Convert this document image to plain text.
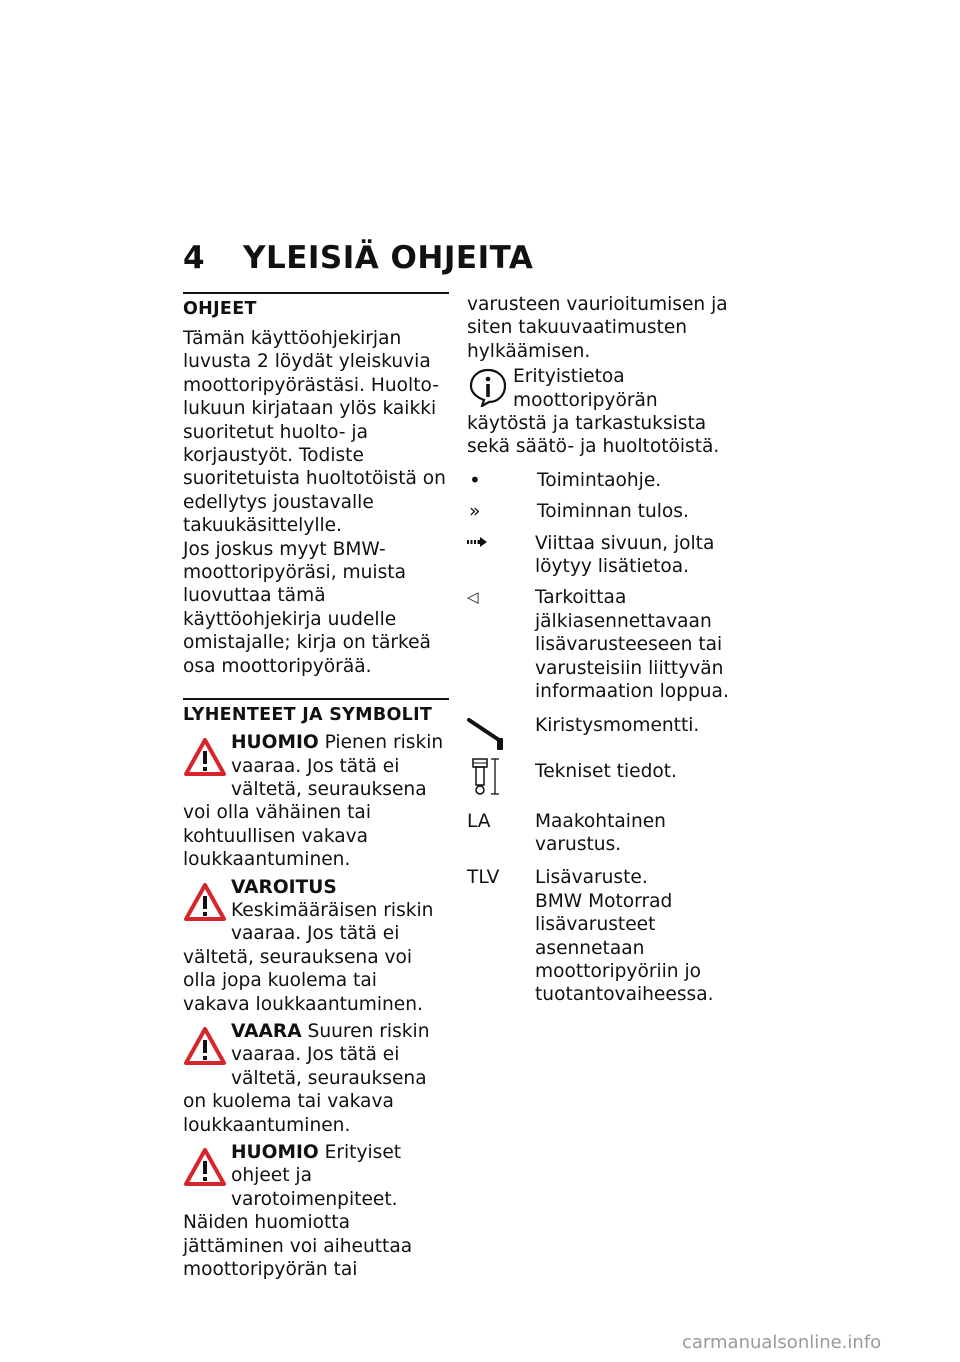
4 YLEISIÄ OHJEITA
OHJEET

Tämän käyttöohjekirjan luvusta 2 löydät yleiskuvia moottoripyörästäsi. Huolto-lukuun kirjataan ylös kaikki suoritetut huolto- ja korjaustyöt. Todiste suoritetuista huoltotöistä on edellytys joustavalle takuukäsittelylle.

Jos joskus myyt BMW-moottoripyöräsi, muista luovuttaa tämä käyttöohjekirja uudelle omistajalle; kirja on tärkeä osa moottoripyörää.

LYHENTEET JA SYMBOLIT
HUOMIO Pienen riskin vaaraa. Jos tätä ei vältetä, seurauksena voi olla vähäinen tai kohtuullisen vakava loukkaantuminen.
VAROITUS Keskimääräisen riskin vaaraa. Jos tätä ei vältetä, seurauksena voi olla jopa kuolema tai vakava loukkaantuminen.
VAARA Suuren riskin vaaraa. Jos tätä ei vältetä, seurauksena on kuolema tai vakava loukkaantuminen.
HUOMIO Erityiset ohjeet ja varotoimenpiteet. Näiden huomiotta jättäminen voi aiheuttaa moottoripyörän tai

varusteen vaurioitumisen ja siten takuuvaatimusten hylkäämisen.

Erityistietoa moottoripyörän käytöstä ja tarkastuksista sekä säätö- ja huoltotöistä.
•	Toimintaohje.
»	Toiminnan tulos.
Viittaa sivuun, jolta löytyy lisätietoa.
◁	Tarkoittaa jälkiasennettavaan lisävarusteeseen tai varusteisiin liittyvän informaation loppua.
Kiristysmomentti.
Tekniset tiedot.
LA	Maakohtainen varustus.
TLV	Lisävaruste.
BMW Motorrad lisävarusteet asennetaan moottoripyöriin jo tuotantovaiheessa.
carmanualsonline.info
